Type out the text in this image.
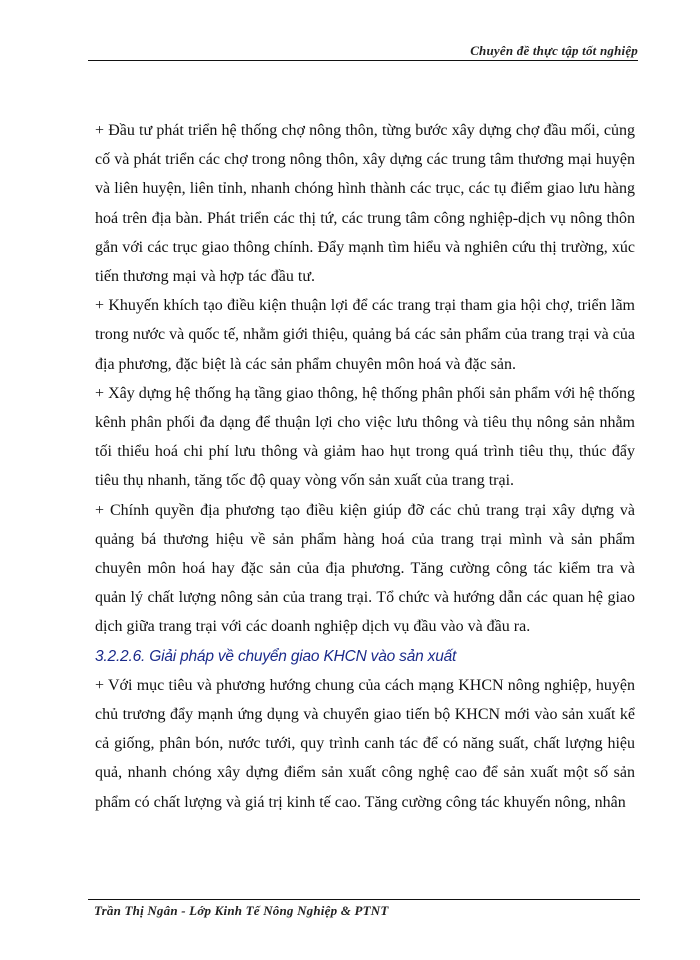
Chuyên đề thực tập tốt nghiệp

+ Đầu tư phát triển hệ thống chợ nông thôn, từng bước xây dựng chợ đầu mối, củng cố và phát triển các chợ trong nông thôn, xây dựng các trung tâm thương mại huyện và liên huyện, liên tỉnh, nhanh chóng hình thành các trục, các tụ điểm giao lưu hàng hoá trên địa bàn. Phát triển các thị tứ, các trung tâm công nghiệp-dịch vụ nông thôn gắn với các trục giao thông chính. Đẩy mạnh tìm hiểu và nghiên cứu thị trường, xúc tiến thương mại và hợp tác đầu tư.

+ Khuyến khích tạo điều kiện thuận lợi để các trang trại tham gia hội chợ, triển lãm trong nước và quốc tế, nhằm giới thiệu, quảng bá các sản phẩm của trang trại và của địa phương, đặc biệt là các sản phẩm chuyên môn hoá và đặc sản.

+ Xây dựng hệ thống hạ tầng giao thông, hệ thống phân phối sản phẩm với hệ thống kênh phân phối đa dạng để thuận lợi cho việc lưu thông và tiêu thụ nông sản nhằm tối thiểu hoá chi phí lưu thông và giảm hao hụt trong quá trình tiêu thụ, thúc đẩy tiêu thụ nhanh, tăng tốc độ quay vòng vốn sản xuất của trang trại.

+ Chính quyền địa phương tạo điều kiện giúp đỡ các chủ trang trại xây dựng và quảng bá thương hiệu về sản phẩm hàng hoá của trang trại mình và sản phẩm chuyên môn hoá hay đặc sản của địa phương. Tăng cường công tác kiểm tra và quản lý chất lượng nông sản của trang trại. Tổ chức và hướng dẫn các quan hệ giao dịch giữa trang trại với các doanh nghiệp dịch vụ đầu vào và đầu ra.

3.2.2.6. Giải pháp về chuyển giao KHCN vào sản xuất

+ Với mục tiêu và phương hướng chung của cách mạng KHCN nông nghiệp, huyện chủ trương đẩy mạnh ứng dụng và chuyển giao tiến bộ KHCN mới vào sản xuất kể cả giống, phân bón, nước tưới, quy trình canh tác để có năng suất, chất lượng hiệu quả, nhanh chóng xây dựng điểm sản xuất công nghệ cao để sản xuất một số sản phẩm có chất lượng và giá trị kinh tế cao. Tăng cường công tác khuyến nông, nhân

Trần Thị Ngân - Lớp Kinh Tế Nông Nghiệp & PTNT
